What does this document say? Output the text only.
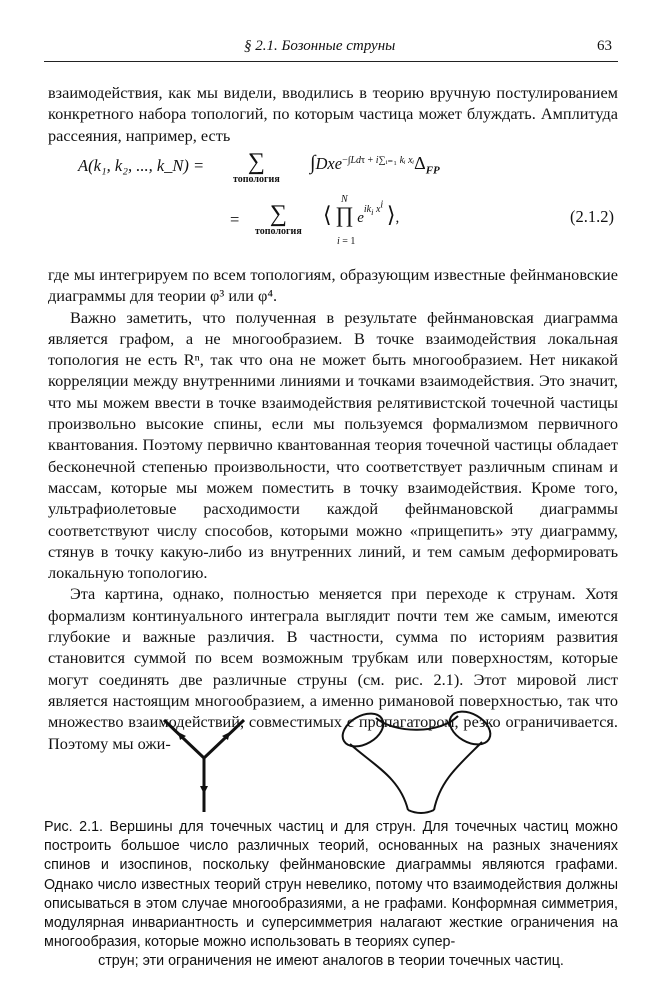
§ 2.1. Бозонные струны	63

взаимодействия, как мы видели, вводились в теорию вручную постулированием конкретного набора топологий, по которым частица может блуждать. Амплитуда рассеяния, например, есть

A(k₁, k₂, ..., k_N) =	∑
топология
$\int Dxe^{-\int Ld\tau + i\sum ᵢ_{=1} kᵢ xᵢ}\Delta_{FP}$
=	∑
топология
N
⟨ ∏ $e^{ik_i x^i}$ ⟩,
i = 1
(2.1.2)

где мы интегрируем по всем топологиям, образующим известные фейнмановские диаграммы для теории φ³ или φ⁴.

Важно заметить, что полученная в результате фейнмановская диаграмма является графом, а не многообразием. В точке взаимодействия локальная топология не есть Rⁿ, так что она не может быть многообразием. Нет никакой корреляции между внутренними линиями и точками взаимодействия. Это значит, что мы можем ввести в точке взаимодействия релятивистской точечной частицы произвольно высокие спины, если мы пользуемся формализмом первичного квантования. Поэтому первично квантованная теория точечной частицы обладает бесконечной степенью произвольности, что соответствует различным спинам и массам, которые мы можем поместить в точку взаимодействия. Кроме того, ультрафиолетовые расходимости каждой фейнмановской диаграммы соответствуют числу способов, которыми можно «прищепить» эту диаграмму, стянув в точку какую-либо из внутренних линий, и тем самым деформировать локальную топологию.

Эта картина, однако, полностью меняется при переходе к струнам. Хотя формализм континуального интеграла выглядит почти тем же самым, имеются глубокие и важные различия. В частности, сумма по историям развития становится суммой по всем возможным трубкам или поверхностям, которые могут соединять две различные струны (см. рис. 2.1). Этот мировой лист является настоящим многообразием, а именно римановой поверхностью, так что множество взаимодействий, совместимых с пропагатором, резко ограничивается. Поэтому мы ожи-

Рис. 2.1. Вершины для точечных частиц и для струн. Для точечных частиц можно построить большое число различных теорий, основанных на разных значениях спинов и изоспинов, поскольку фейнмановские диаграммы являются графами. Однако число известных теорий струн невелико, потому что взаимодействия должны описываться в этом случае многообразиями, а не графами. Конформная симметрия, модулярная инвариантность и суперсимметрия налагают жесткие ограничения на многообразия, которые можно использовать в теориях супер-
струн; эти ограничения не имеют аналогов в теории точечных частиц.
